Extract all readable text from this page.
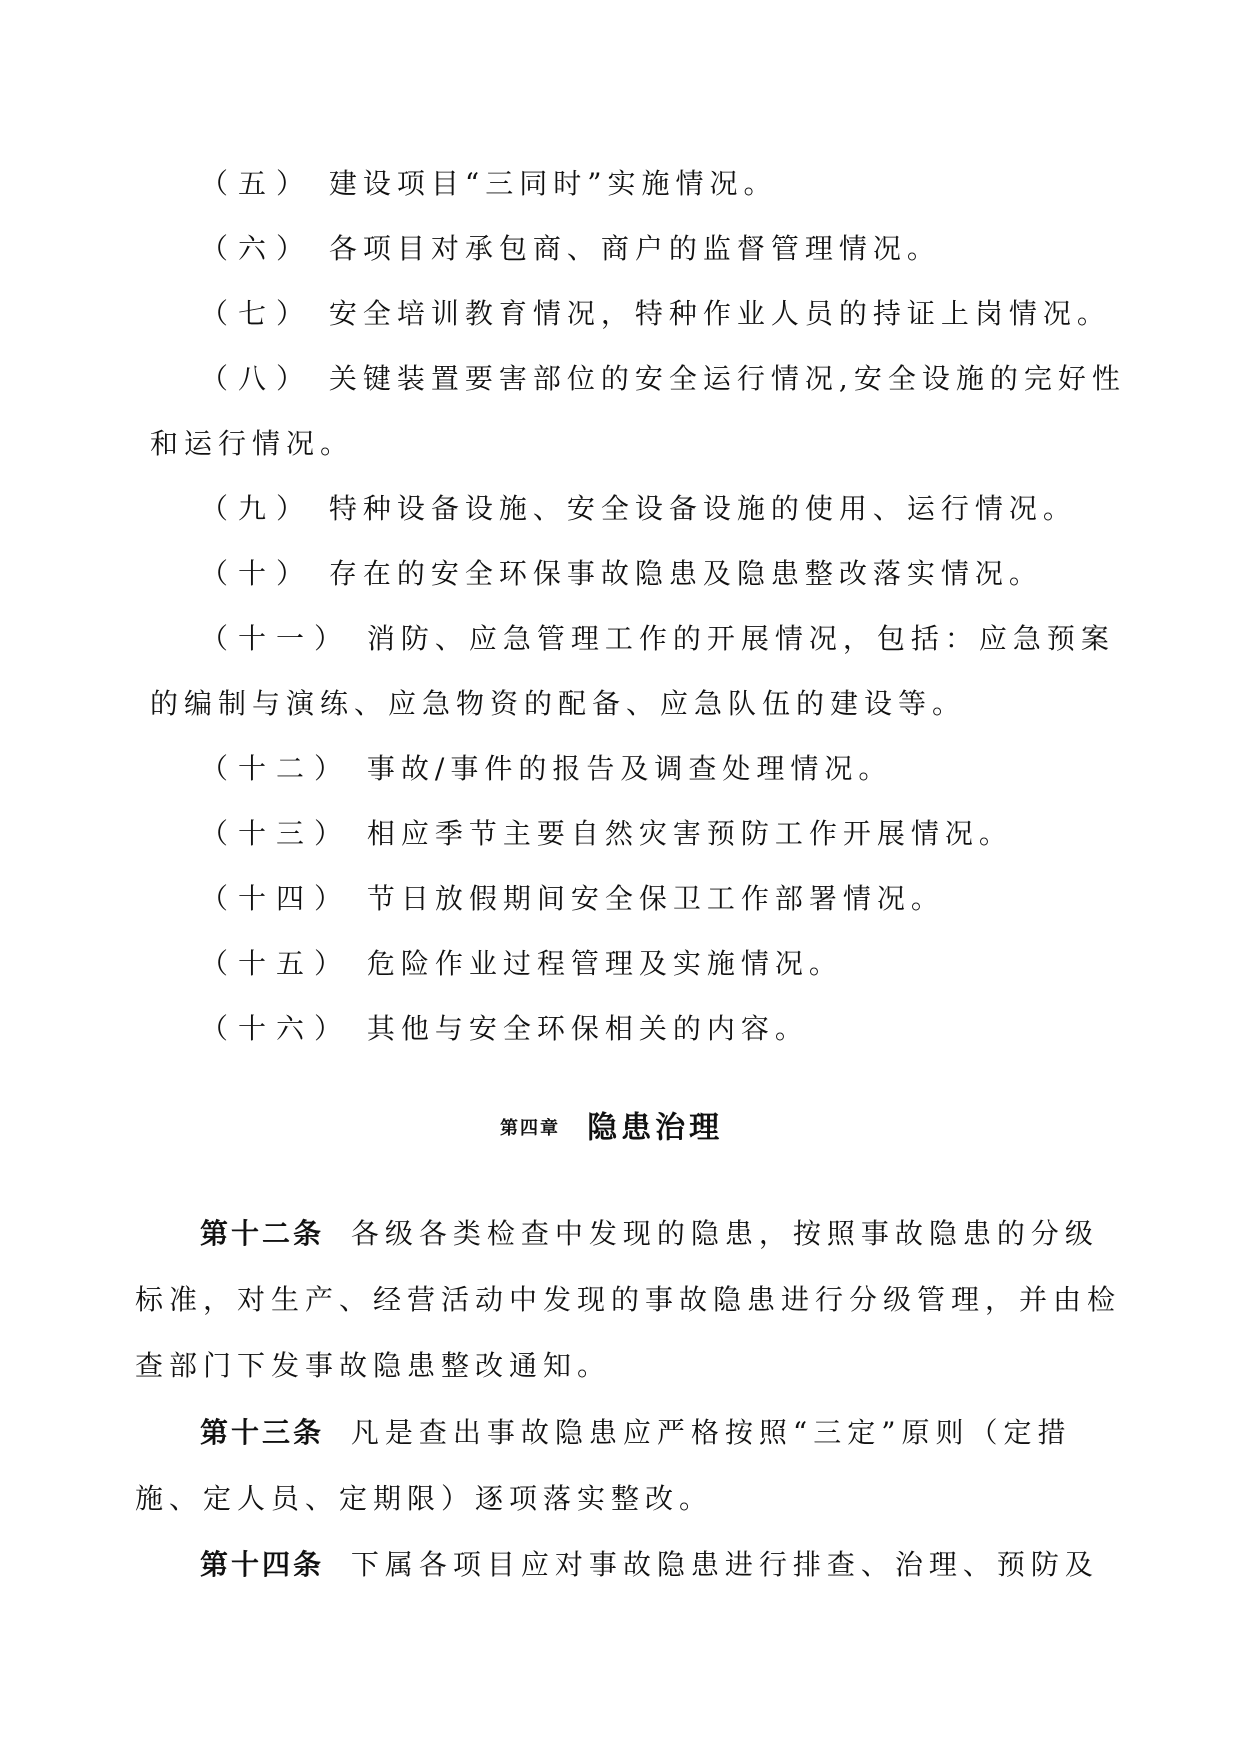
（五） 建设项目“三同时”实施情况。
（六） 各项目对承包商、商户的监督管理情况。
（七） 安全培训教育情况，特种作业人员的持证上岗情况。
（八） 关键装置要害部位的安全运行情况,安全设施的完好性
和运行情况。
（九） 特种设备设施、安全设备设施的使用、运行情况。
（十） 存在的安全环保事故隐患及隐患整改落实情况。
（十一） 消防、应急管理工作的开展情况，包括：应急预案
的编制与演练、应急物资的配备、应急队伍的建设等。
（十二） 事故/事件的报告及调查处理情况。
（十三） 相应季节主要自然灾害预防工作开展情况。
（十四） 节日放假期间安全保卫工作部署情况。
（十五） 危险作业过程管理及实施情况。
（十六） 其他与安全环保相关的内容。
第四章 隐患治理
第十二条 各级各类检查中发现的隐患，按照事故隐患的分级
标准，对生产、经营活动中发现的事故隐患进行分级管理，并由检
查部门下发事故隐患整改通知。
第十三条 凡是查出事故隐患应严格按照“三定”原则（定措
施、定人员、定期限）逐项落实整改。
第十四条 下属各项目应对事故隐患进行排查、治理、预防及
